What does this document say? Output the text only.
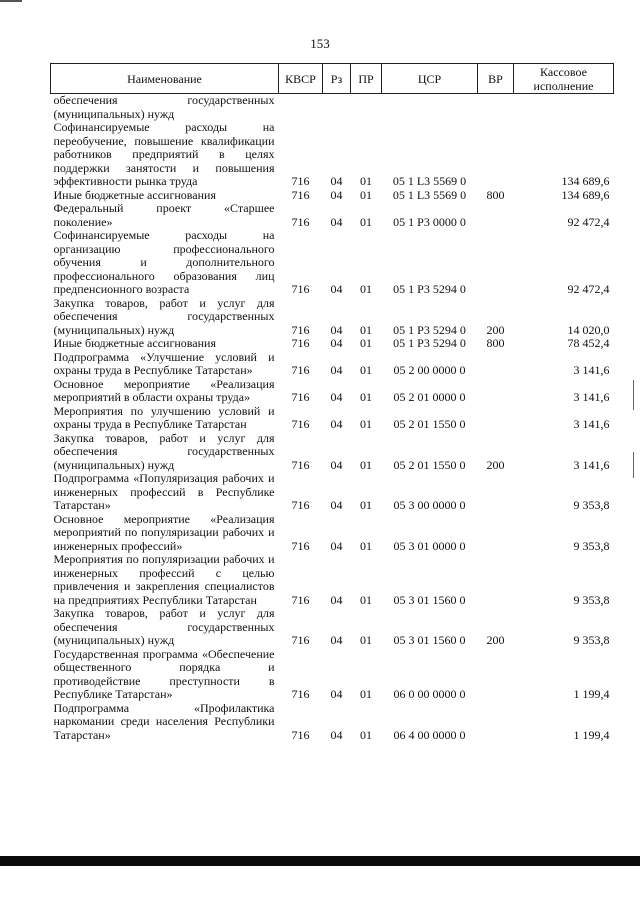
153
Наименование	КВСР	Рз	ПР	ЦСР	ВР	Кассовое
исполнение

обеспечения государственных (муниципальных) нужд						
Софинансируемые расходы на переобучение, повышение квалификации работников предприятий в целях поддержки занятости и повышения эффективности рынка труда	716	04	01	05 1 L3 5569 0		134 689,6
Иные бюджетные ассигнования	716	04	01	05 1 L3 5569 0	800	134 689,6
Федеральный проект «Старшее поколение»	716	04	01	05 1 P3 0000 0		92 472,4
Софинансируемые расходы на организацию профессионального обучения и дополнительного профессионального образования лиц предпенсионного возраста	716	04	01	05 1 P3 5294 0		92 472,4
Закупка товаров, работ и услуг для обеспечения государственных (муниципальных) нужд	716	04	01	05 1 P3 5294 0	200	14 020,0
Иные бюджетные ассигнования	716	04	01	05 1 P3 5294 0	800	78 452,4
Подпрограмма «Улучшение условий и охраны труда в Республике Татарстан»	716	04	01	05 2 00 0000 0		3 141,6
Основное мероприятие «Реализация мероприятий в области охраны труда»	716	04	01	05 2 01 0000 0		3 141,6
Мероприятия по улучшению условий и охраны труда в Республике Татарстан	716	04	01	05 2 01 1550 0		3 141,6
Закупка товаров, работ и услуг для обеспечения государственных (муниципальных) нужд	716	04	01	05 2 01 1550 0	200	3 141,6
Подпрограмма «Популяризация рабочих и инженерных профессий в Республике Татарстан»	716	04	01	05 3 00 0000 0		9 353,8
Основное мероприятие «Реализация мероприятий по популяризации рабочих и инженерных профессий»	716	04	01	05 3 01 0000 0		9 353,8
Мероприятия по популяризации рабочих и инженерных профессий с целью привлечения и закрепления специалистов на предприятиях Республики Татарстан	716	04	01	05 3 01 1560 0		9 353,8
Закупка товаров, работ и услуг для обеспечения государственных (муниципальных) нужд	716	04	01	05 3 01 1560 0	200	9 353,8
Государственная программа «Обеспечение общественного порядка и противодействие преступности в Республике Татарстан»	716	04	01	06 0 00 0000 0		1 199,4
Подпрограмма «Профилактика наркомании среди населения Республики Татарстан»	716	04	01	06 4 00 0000 0		1 199,4
